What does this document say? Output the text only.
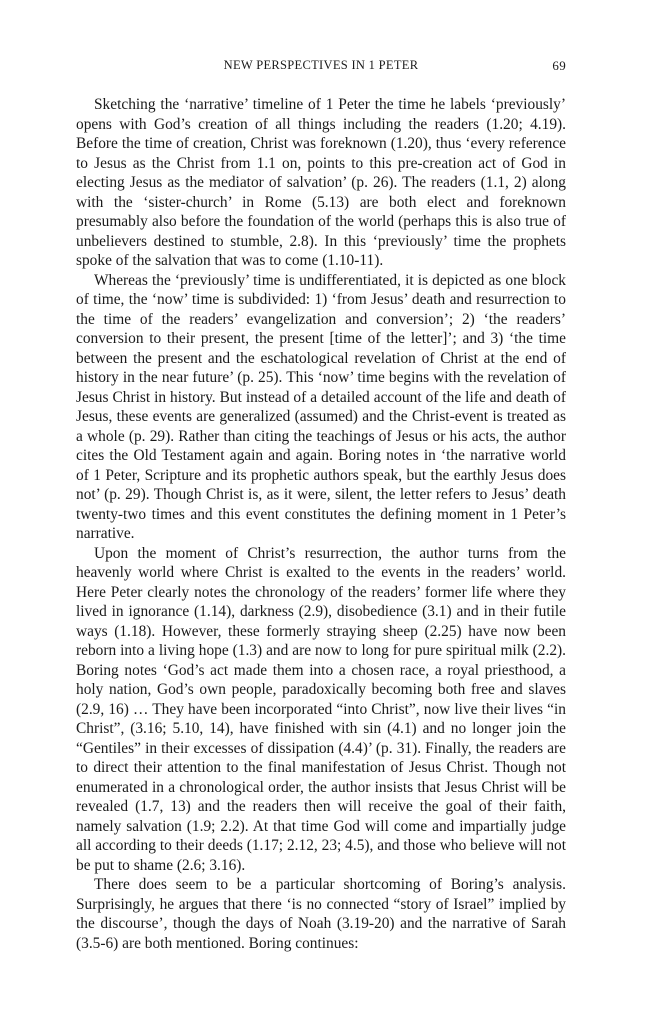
NEW PERSPECTIVES IN 1 PETER	69

Sketching the ‘narrative’ timeline of 1 Peter the time he labels ‘previously’ opens with God’s creation of all things including the readers (1.20; 4.19). Before the time of creation, Christ was foreknown (1.20), thus ‘every reference to Jesus as the Christ from 1.1 on, points to this pre-creation act of God in electing Jesus as the mediator of salvation’ (p. 26). The readers (1.1, 2) along with the ‘sister-church’ in Rome (5.13) are both elect and foreknown presumably also before the foundation of the world (perhaps this is also true of unbelievers destined to stumble, 2.8). In this ‘previously’ time the prophets spoke of the salvation that was to come (1.10-11).

Whereas the ‘previously’ time is undifferentiated, it is depicted as one block of time, the ‘now’ time is subdivided: 1) ‘from Jesus’ death and resurrection to the time of the readers’ evangelization and conversion’; 2) ‘the readers’ conversion to their present, the present [time of the letter]’; and 3) ‘the time between the present and the eschatological revelation of Christ at the end of history in the near future’ (p. 25). This ‘now’ time begins with the revelation of Jesus Christ in history. But instead of a detailed account of the life and death of Jesus, these events are generalized (assumed) and the Christ-event is treated as a whole (p. 29). Rather than citing the teachings of Jesus or his acts, the author cites the Old Testament again and again. Boring notes in ‘the narrative world of 1 Peter, Scripture and its prophetic authors speak, but the earthly Jesus does not’ (p. 29). Though Christ is, as it were, silent, the letter refers to Jesus’ death twenty-two times and this event constitutes the defining moment in 1 Peter’s narrative.

Upon the moment of Christ’s resurrection, the author turns from the heavenly world where Christ is exalted to the events in the readers’ world. Here Peter clearly notes the chronology of the readers’ former life where they lived in ignorance (1.14), darkness (2.9), disobedience (3.1) and in their futile ways (1.18). However, these formerly straying sheep (2.25) have now been reborn into a living hope (1.3) and are now to long for pure spiritual milk (2.2). Boring notes ‘God’s act made them into a chosen race, a royal priesthood, a holy nation, God’s own people, paradoxically becoming both free and slaves (2.9, 16) … They have been incorporated “into Christ”, now live their lives “in Christ”, (3.16; 5.10, 14), have finished with sin (4.1) and no longer join the “Gentiles” in their excesses of dissipation (4.4)’ (p. 31). Finally, the readers are to direct their attention to the final manifestation of Jesus Christ. Though not enumerated in a chronological order, the author insists that Jesus Christ will be revealed (1.7, 13) and the readers then will receive the goal of their faith, namely salvation (1.9; 2.2). At that time God will come and impartially judge all according to their deeds (1.17; 2.12, 23; 4.5), and those who believe will not be put to shame (2.6; 3.16).

There does seem to be a particular shortcoming of Boring’s analysis. Surprisingly, he argues that there ‘is no connected “story of Israel” implied by the discourse’, though the days of Noah (3.19-20) and the narrative of Sarah (3.5-6) are both mentioned. Boring continues:
